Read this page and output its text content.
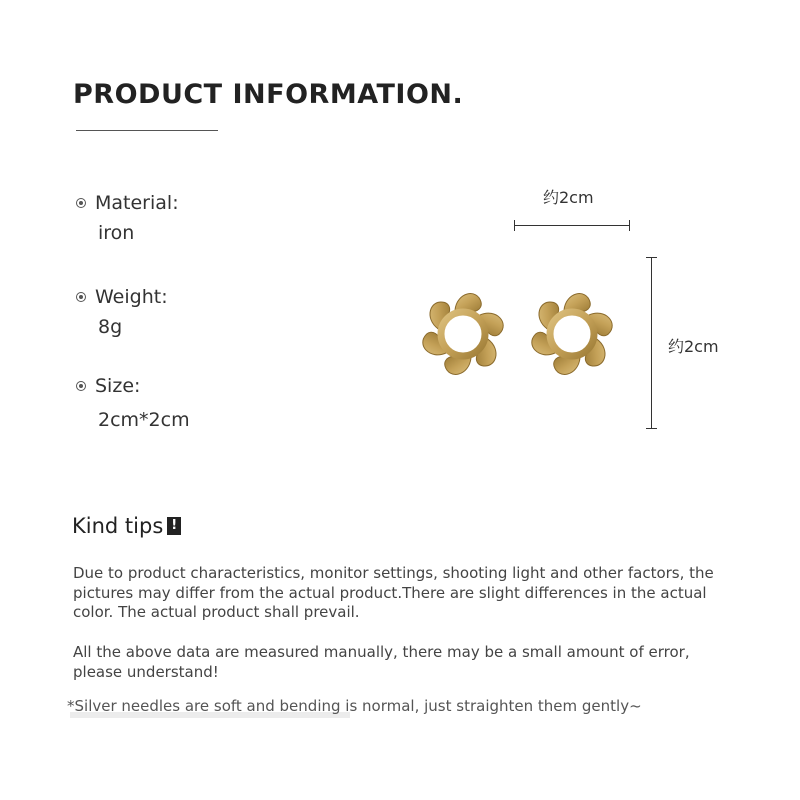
PRODUCT INFORMATION.
Material:
iron
Weight:
8g
Size:
2cm*2cm
约2cm
约2cm
Kind tips !
Due to product characteristics, monitor settings, shooting light and other factors, the pictures may differ from the actual product.There are slight differences in the actual color. The actual product shall prevail.
All the above data are measured manually, there may be a small amount of error, please understand!
*Silver needles are soft and bending is normal, just straighten them gently~
